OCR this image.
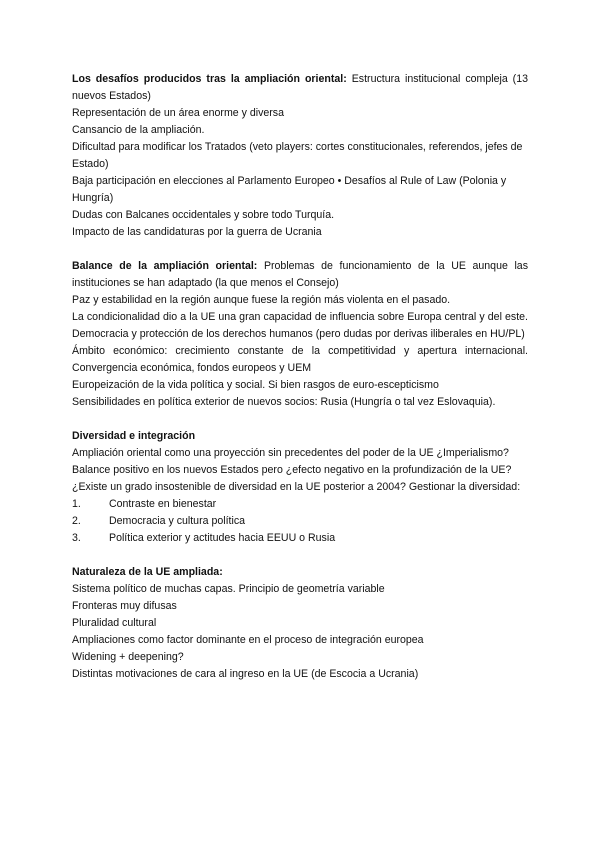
Los desafíos producidos tras la ampliación oriental: Estructura institucional compleja (13 nuevos Estados)

Representación de un área enorme y diversa

Cansancio de la ampliación.

Dificultad para modificar los Tratados (veto players: cortes constitucionales, referendos, jefes de Estado)

Baja participación en elecciones al Parlamento Europeo • Desafíos al Rule of Law (Polonia y Hungría)

Dudas con Balcanes occidentales y sobre todo Turquía.

Impacto de las candidaturas por la guerra de Ucrania

Balance de la ampliación oriental: Problemas de funcionamiento de la UE aunque las instituciones se han adaptado (la que menos el Consejo)

Paz y estabilidad en la región aunque fuese la región más violenta en el pasado.

La condicionalidad dio a la UE una gran capacidad de influencia sobre Europa central y del este. Democracia y protección de los derechos humanos (pero dudas por derivas iliberales en HU/PL)

Ámbito económico: crecimiento constante de la competitividad y apertura internacional. Convergencia económica, fondos europeos y UEM

Europeización de la vida política y social. Si bien rasgos de euro-escepticismo

Sensibilidades en política exterior de nuevos socios: Rusia (Hungría o tal vez Eslovaquia).

Diversidad e integración

Ampliación oriental como una proyección sin precedentes del poder de la UE ¿Imperialismo?

Balance positivo en los nuevos Estados pero ¿efecto negativo en la profundización de la UE?

¿Existe un grado insostenible de diversidad en la UE posterior a 2004? Gestionar la diversidad:

1.	Contraste en bienestar
2.	Democracia y cultura política
3.	Política exterior y actitudes hacia EEUU o Rusia

Naturaleza de la UE ampliada:

Sistema político de muchas capas. Principio de geometría variable

Fronteras muy difusas

Pluralidad cultural

Ampliaciones como factor dominante en el proceso de integración europea

Widening + deepening?

Distintas motivaciones de cara al ingreso en la UE (de Escocia a Ucrania)
